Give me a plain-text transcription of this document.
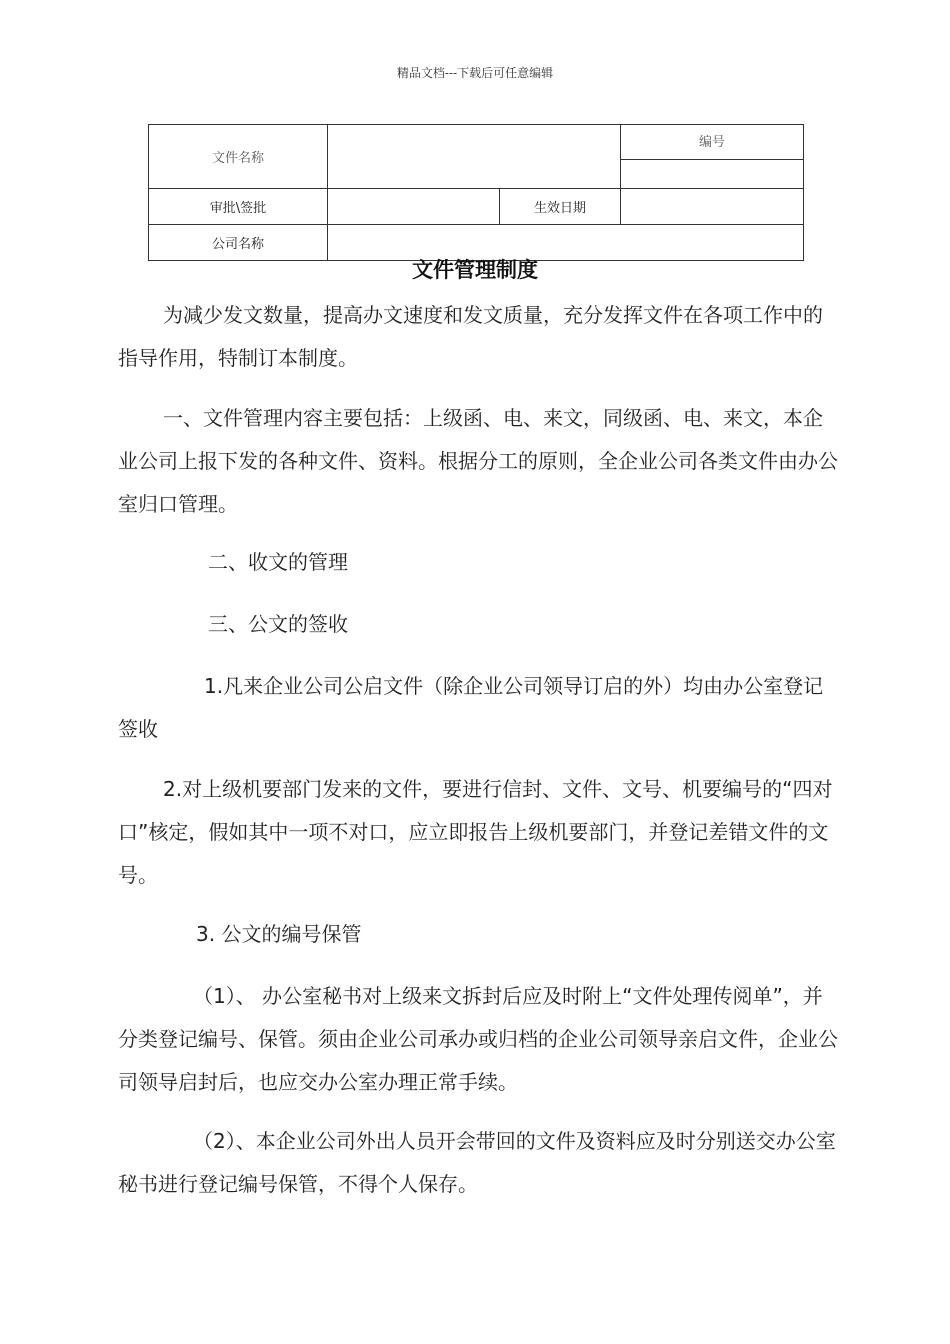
精品文档---下载后可任意编辑
文件名称			编号

审批\签批		生效日期	
公司名称			
文件管理制度

为减少发文数量，提高办文速度和发文质量，充分发挥文件在各项工作中的指导作用，特制订本制度。

一、文件管理内容主要包括：上级函、电、来文，同级函、电、来文，本企业公司上报下发的各种文件、资料。根据分工的原则，全企业公司各类文件由办公室归口管理。

二、收文的管理

三、公文的签收

1.凡来企业公司公启文件（除企业公司领导订启的外）均由办公室登记签收

2.对上级机要部门发来的文件，要进行信封、文件、文号、机要编号的“四对口”核定，假如其中一项不对口，应立即报告上级机要部门，并登记差错文件的文号。

3. 公文的编号保管

（1）、 办公室秘书对上级来文拆封后应及时附上“文件处理传阅单”，并分类登记编号、保管。须由企业公司承办或归档的企业公司领导亲启文件，企业公司领导启封后，也应交办公室办理正常手续。

（2）、本企业公司外出人员开会带回的文件及资料应及时分别送交办公室秘书进行登记编号保管，不得个人保存。
